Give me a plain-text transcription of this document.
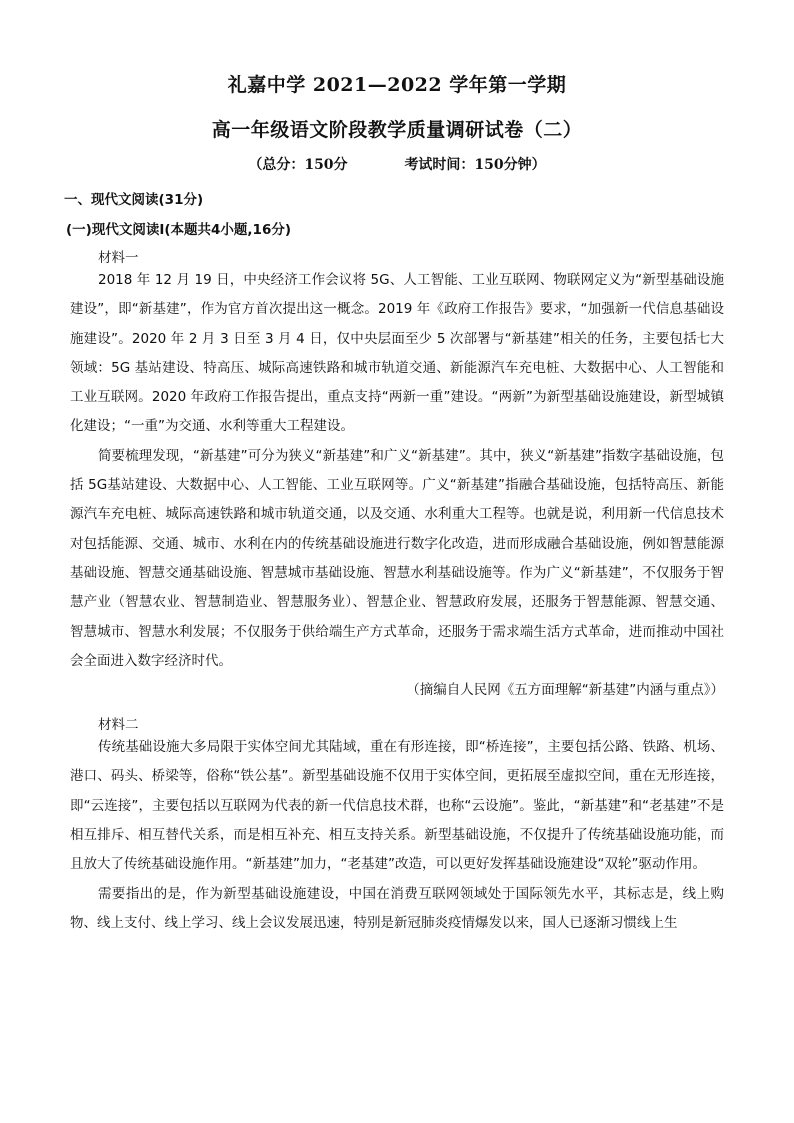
礼嘉中学 2021—2022 学年第一学期
高一年级语文阶段教学质量调研试卷（二）
（总分：150分	考试时间：150分钟）
一、现代文阅读(31分)
(一)现代文阅读Ⅰ(本题共4小题,16分)
材料一

2018 年 12 月 19 日，中央经济工作会议将 5G、人工智能、工业互联网、物联网定义为“新型基础设施建设”，即“新基建”，作为官方首次提出这一概念。2019 年《政府工作报告》要求，“加强新一代信息基础设施建设”。2020 年 2 月 3 日至 3 月 4 日，仅中央层面至少 5 次部署与“新基建”相关的任务，主要包括七大领域：5G 基站建设、特高压、城际高速铁路和城市轨道交通、新能源汽车充电桩、大数据中心、人工智能和工业互联网。2020 年政府工作报告提出，重点支持“两新一重”建设。“两新”为新型基础设施建设，新型城镇化建设；“一重”为交通、水利等重大工程建设。

简要梳理发现，“新基建”可分为狭义“新基建”和广义“新基建”。其中，狭义“新基建”指数字基础设施，包括 5G基站建设、大数据中心、人工智能、工业互联网等。广义“新基建”指融合基础设施，包括特高压、新能源汽车充电桩、城际高速铁路和城市轨道交通，以及交通、水利重大工程等。也就是说，利用新一代信息技术对包括能源、交通、城市、水利在内的传统基础设施进行数字化改造，进而形成融合基础设施，例如智慧能源基础设施、智慧交通基础设施、智慧城市基础设施、智慧水利基础设施等。作为广义“新基建”，不仅服务于智慧产业（智慧农业、智慧制造业、智慧服务业）、智慧企业、智慧政府发展，还服务于智慧能源、智慧交通、智慧城市、智慧水利发展；不仅服务于供给端生产方式革命，还服务于需求端生活方式革命，进而推动中国社会全面进入数字经济时代。

（摘编自人民网《五方面理解“新基建”内涵与重点》）
材料二

传统基础设施大多局限于实体空间尤其陆域，重在有形连接，即“桥连接”，主要包括公路、铁路、机场、港口、码头、桥梁等，俗称“铁公基”。新型基础设施不仅用于实体空间，更拓展至虚拟空间，重在无形连接，即“云连接”，主要包括以互联网为代表的新一代信息技术群，也称“云设施”。鉴此，“新基建”和“老基建”不是相互排斥、相互替代关系，而是相互补充、相互支持关系。新型基础设施，不仅提升了传统基础设施功能，而且放大了传统基础设施作用。“新基建”加力，“老基建”改造，可以更好发挥基础设施建设“双轮”驱动作用。

需要指出的是，作为新型基础设施建设，中国在消费互联网领域处于国际领先水平，其标志是，线上购物、线上支付、线上学习、线上会议发展迅速，特别是新冠肺炎疫情爆发以来，国人已逐渐习惯线上生
